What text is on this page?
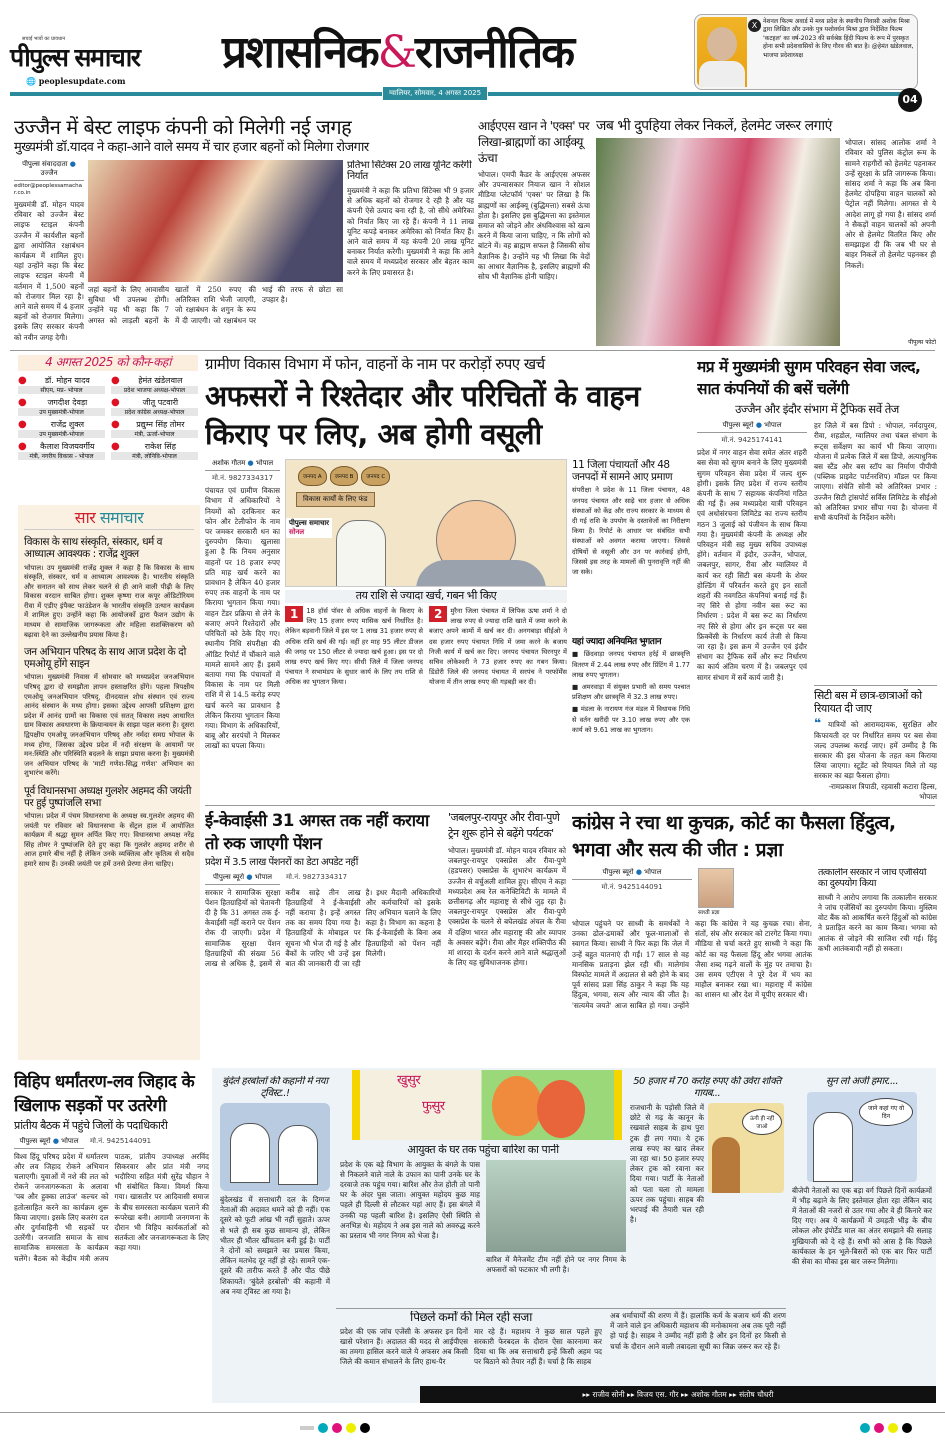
सचाई भावों का प्रावधान
पीपुल्स समाचार
🌐 peoplesupdate.com
प्रशासनिक&राजनीतिक
X नेशनल फिल्म अवार्ड में मध्य प्रदेश के स्थानीय निवासी अशोक मिश्रा द्वारा लिखित और उनके पुत्र यशोवर्धन मिश्रा द्वारा निर्देशित फिल्म 'कटहल' का वर्ष-2023 की सर्वश्रेष्ठ हिंदी फिल्म के रूप में पुरस्कृत होना सभी प्रदेशवासियों के लिए गौरव की बात है। @हेमंत खंडेलवाल, भाजपा प्रदेशाध्यक्ष
ग्वालियर, सोमवार, 4 अगस्त 2025	04
उज्जैन में बेस्ट लाइफ कंपनी को मिलेगी नई जगह
मुख्यमंत्री डॉ.यादव ने कहा-आने वाले समय में चार हजार बहनों को मिलेगा रोजगार
पीपुल्स संवाददाता ● उज्जैन
editor@peoplessamachar.co.in
मुख्यमंत्री डॉ. मोहन यादव रविवार को उज्जैन बेस्ट लाइफ स्टाइल कंपनी उज्जैन में कार्यशील बहनों द्वारा आयोजित रक्षाबंधन कार्यक्रम में शामिल हुए। यहां उन्होंने कहा कि बेस्ट लाइफ स्टाइल कंपनी में वर्तमान में 1,500 बहनों को रोजगार मिल रहा है। आने वाले समय में 4 हजार बहनों को रोजगार मिलेगा। इसके लिए सरकार कंपनी को नवीन जगह देगी।
जहां बहनों के लिए आवासीय सुविधा भी उपलब्ध होगी। उन्होंने यह भी कहा कि 7 अगस्त को लाड़ली बहनों के खातों में 250 रुपए की अतिरिक्त राशि भेजी जाएगी, जो रक्षाबंधन के शगुन के रूप में दी जाएगी। जो रक्षाबंधन पर भाई की तरफ से छोटा सा उपहार है।
प्रतिभा सिंटेक्स 20 लाख यूनिट करेगी निर्यात
मुख्यमंत्री ने कहा कि प्रतिभा सिंटेक्स भी 9 हजार से अधिक बहनों को रोजगार दे रही है और यह कंपनी ऐसे उत्पाद बना रही है, जो सीधे अमेरिका को निर्यात किए जा रहे हैं। कंपनी ने 11 लाख यूनिट कपड़े बनाकर अमेरिका को निर्यात किए हैं। आने वाले समय में यह कंपनी 20 लाख यूनिट बनाकर निर्यात करेगी। मुख्यमंत्री ने कहा कि आने वाले समय में मध्यप्रदेश सरकार और बेहतर काम करने के लिए प्रयासरत है।
आईएएस खान ने 'एक्स' पर लिखा-ब्राह्मणों का आईक्यू ऊंचा
भोपाल। एमपी कैडर के आईएएस अफसर और उपन्यासकार नियाज खान ने सोशल मीडिया प्लेटफॉर्म 'एक्स' पर लिखा है कि ब्राह्मणों का आईक्यू (बुद्धिमत्ता) सबसे ऊंचा होता है। इसलिए इस बुद्धिमत्ता का इस्तेमाल समाज को जोड़ने और अंधविश्वास को खत्म करने में किया जाना चाहिए, न कि लोगों को बांटने में। वह ब्राह्मण सफल है जिसकी सोच वैज्ञानिक है। उन्होंने यह भी लिखा कि वेदों का आधार वैज्ञानिक है, इसलिए ब्राह्मणों की सोच भी वैज्ञानिक होनी चाहिए।
जब भी दुपहिया लेकर निकलें, हेलमेट जरूर लगाएं
भोपाल। सांसद आलोक शर्मा ने रविवार को पुलिस कंट्रोल रूम के सामने राहगीरों को हेलमेट पहनाकर उन्हें सुरक्षा के प्रति जागरूक किया। सांसद शर्मा ने कहा कि अब बिना हेलमेट दोपहिया वाहन चालकों को पेट्रोल नहीं मिलेगा। आगस्त से ये आदेश लागू हो गया है। सांसद शर्मा ने सैकड़ों वाहन चालकों को अपनी ओर से हेलमेट वितरित किए और समझाइश दी कि जब भी घर से बाहर निकलें तो हेलमेट पहनकर ही निकलें।
पीपुल्स फोटो
4 अगस्त 2025 को कौन-कहां
●	डॉ. मोहन यादव
सीएम, मप्र- भोपाल
●	हेमंत खंडेलवाल
प्रदेश भाजपा अध्यक्ष-भोपाल
●	जगदीश देवड़ा
उप मुख्यमंत्री-भोपाल
●	जीतू पटवारी
प्रदेश कांग्रेस अध्यक्ष-भोपाल
●	राजेंद्र शुक्ल
उप मुख्यमंत्री-भोपाल
●	प्रद्युम्न सिंह तोमर
मंत्री, ऊर्जा-भोपाल
●	कैलाश विजयवर्गीय
मंत्री, नगरीय विकास - भोपाल
●	राकेश सिंह
मंत्री, लोनिवि-भोपाल
सार समाचार
विकास के साथ संस्कृति, संस्कार, धर्म व आध्यात्म आवश्यक : राजेंद्र शुक्ल
भोपाल। उप मुख्यमंत्री राजेंद्र शुक्ल ने कहा है कि विकास के साथ संस्कृति, संस्कार, धर्म व आध्यात्म आवश्यक है। भारतीय संस्कृति और सनातन को साथ लेकर चलने से ही आने वाली पीढ़ी के लिए विकास वरदान साबित होगा। शुक्ल कृष्णा राज कपूर ऑडिटोरियम रीवा में एडीए इंपैक्ट फाउंडेशन के भारतीय संस्कृति उत्थान कार्यक्रम में शामिल हुए। उन्होंने कहा कि आयोजकों द्वारा फैशन उद्योग के माध्यम से सामाजिक जागरूकता और महिला सशक्तिकरण को बढ़ावा देने का उल्लेखनीय प्रयास किया है।
जन अभियान परिषद के साथ आज प्रदेश के दो एमओयू होंगे साइन
भोपाल। मुख्यमंत्री निवास में सोमवार को मध्यप्रदेश जनअभियान परिषद् द्वारा दो समझौता ज्ञापन हस्ताक्षरित होंगे। पहला त्रिपक्षीय एमओयू जनअभियान परिषद्, दीनदयाल शोध संस्थान एवं राज्य आनंद संस्थान के मध्य होगा। इसका उद्देश्य आपसी प्रशिक्षण द्वारा प्रदेश में आनंद ग्रामों का विकास एवं सतत् विकास लक्ष्य आधारित ग्राम विकास अवधारणा के क्रियान्वयन के साझा पहल करना है। दूसरा द्विपक्षीय एमओयू जनअभियान परिषद् और नर्मदा समग्र भोपाल के मध्य होगा, जिसका उद्देश्य प्रदेश में नदी संरक्षण के आयामों पर मन:स्थिति और परिस्थिति बदलने के साझा प्रयास करना है। मुख्यमंत्री जन अभियान परिषद के 'माटी गणेश-सिद्ध गणेश' अभियान का शुभारंभ करेंगे।
पूर्व विधानसभा अध्यक्ष गुलशेर अहमद की जयंती पर हुई पुष्पांजलि सभा
भोपाल। प्रदेश में पंचम विधानसभा के अध्यक्ष स्व.गुलशेर अहमद की जयंती पर रविवार को विधानसभा के सेंट्रल हाल में आयोजित कार्यक्रम में श्रद्धा सुमन अर्पित किए गए। विधानसभा अध्यक्ष नरेंद्र सिंह तोमर ने पुष्पांजलि देते हुए कहा कि गुलशेर अहमद शरीर से आज हमारे बीच नहीं है लेकिन उनके व्यक्तित्व और कृतित्व से सदैव हमारे साथ हैं। उनकी जयंती पर हमें उनसे प्रेरणा लेना चाहिए।
ग्रामीण विकास विभाग में फोन, वाहनों के नाम पर करोड़ों रुपए खर्च
अफसरों ने रिश्तेदार और परिचितों के वाहन किराए पर लिए, अब होगी वसूली
अशोक गौतम ● भोपाल
मो.नं. 9827334317
पंचायत एवं ग्रामीण विकास विभाग में अधिकारियों ने नियमों को दरकिनार कर फोन और टेलीफोन के नाम पर जमकर सरकारी धन का दुरुपयोग किया। खुलासा हुआ है कि नियम अनुसार वाहनों पर 18 हजार रुपए प्रति माह खर्च करने का प्रावधान है लेकिन 40 हजार रुपए तक वाहनों के नाम पर किराया भुगतान किया गया। वाहन टेंडर प्रक्रिया से लेने के बजाए अपने रिश्तेदारों और परिचितों को ठेके दिए गए। स्थानीय निधि संपरीक्षा की ऑडिट रिपोर्ट में चौंकाने वाले मामले सामने आए हैं। इसमें बताया गया कि पंचायतों में विकास के नाम पर मिली राशि में से 14.5 करोड़ रुपए खर्च करने का प्रावधान है लेकिन किराया भुगतान किया गया। विभाग के अधिकारियों, बाबू और सरपंचों ने मिलकर लाखों का घपला किया।
जनपद A	जनपद B	जनपद C
विकास कार्यों के लिए फंड
पीपुल्स समाचार
सोनल
तय राशि से ज्यादा खर्च, गबन भी किए
1	18 हॉर्स पॉवर से अधिक वाहनों के किराए के लिए 15 हजार रुपए मासिक खर्च निर्धारित है। लेकिन बड़वानी जिले में इस पर 1 लाख 31 हजार रुपए से अधिक राशि खर्च की गई। वहीं हर माह 95 लीटर डीजल की जगह पर 150 लीटर से ज्यादा खर्च हुआ। इस पर दो लाख रुपए खर्च किए गए। सीधी जिले में जिला जनपद पंचायत ने सभामंडप के सुधार कार्य के लिए तय राशि से अधिक का भुगतान किया।
2	मुरैना जिला पंचायत में लिपिक ऊषा शर्मा ने दो लाख रुपए से ज्यादा राशि खाते में जमा करने के बजाए अपने कामों में खर्च कर दी। अनगबाड़ा सीईओ ने दस हजार रुपए पंचायत निधि में जमा करने के बजाय निजी कार्य में खर्च कर दिए। जनपद पंचायत थिरनपुर में सचिव लोकेश्वरी ने 73 हजार रुपए का गबन किया। डिंडोरी जिले की जनपद पंचायत में सरपंच ने परफॉर्मेंस योजना में तीन लाख रुपए की गड़बड़ी कर दी।
11 जिला पंचायतों और 48 जनपदों में सामने आए प्रमाण
संपरीक्षा ने प्रदेश के 11 जिला पंचायत, 48 जनपद पंचायत और साढ़े चार हजार से अधिक संस्थाओं को केंद्र और राज्य सरकार के माध्यम से दी गई राशि के उपयोग के दस्तावेजों का निरीक्षण किया है। रिपोर्ट के आधार पर संबंधित सभी संस्थाओं को अवगत कराया जाएगा। जिससे दोषियों से वसूली और उन पर कार्रवाई होगी, जिससे इस तरह के मामलों की पुनरावृत्ति नहीं की जा सके।
यहां ज्यादा अनियमित भुगतान
■ छिंदवाड़ा जनपद पंचायत हर्रई में छात्रवृत्ति वितरण में 2.44 लाख रुपए और प्रिंटिंग में 1.77 लाख रुपए भुगतान।
■ अमरवाड़ा में संयुक्त प्रभारी को समय पश्चात प्रशिक्षण और छात्रवृत्ति में 32.3 लाख रुपए।
■ मंडला के नारायण गंज मंडल में विधायक निधि से वर्तन खरीदी पर 3.10 लाख रुपए और एक कार्य को 9.61 लाख का भुगतान।
मप्र में मुख्यमंत्री सुगम परिवहन सेवा जल्द, सात कंपनियों की बसें चलेंगी
उज्जैन और इंदौर संभाग में ट्रैफिक सर्वे तेज
पीपुल्स ब्यूरो ● भोपाल
मो.नं. 9425174141
प्रदेश में नगर वाहन सेवा समेत अंतर शहरी बस सेवा को सुगम बनाने के लिए मुख्यमंत्री सुगम परिवहन सेवा प्रदेश में जल्द शुरू होगी। इसके लिए प्रदेश में राज्य स्तरीय कंपनी के साथ 7 सहायक कंपनियां गठित की गई हैं। अब मध्यप्रदेश यात्री परिवहन एवं अधोसंरचना लिमिटेड का राज्य स्तरीय गठन 3 जुलाई को पंजीयन के साथ किया गया है। मुख्यमंत्री कंपनी के अध्यक्ष और परिवहन मंत्री सह मुख्य सचिव उपाध्यक्ष होंगे। वर्तमान में इंदौर, उज्जैन, भोपाल, जबलपुर, सागर, रीवा और ग्वालियर में कार्य कर रही सिटी बस कंपनी के शेयर होल्डिंग में परिवर्तन करते हुए इन सातों शहरों की नवगठित कंपनियां बनाई गई हैं। नए सिरे से होगा नवीन बस रूट का निर्धारण : प्रदेश में बस रूट का निर्धारण नए सिरे से होगा और इन रूट्स पर बस फ्रिक्वेंसी के निर्धारण कार्य तेजी से किया जा रहा है। इस क्रम में उज्जैन एवं इंदौर संभाग का ट्रैफिक सर्वे और रूट निर्धारण का कार्य अंतिम चरण में है। जबलपुर एवं सागर संभाग में सर्वे कार्य जारी है।
हर जिले में बस डिपो : भोपाल, नर्मदापुरम, रीवा, शहडोल, ग्वालियर तथा चंबल संभाग के रूट्स सर्वेक्षण का कार्य भी किया जाएगा। योजना में प्रत्येक जिले में बस डिपो, अत्याधुनिक बस स्टैंड और बस स्टॉप का निर्माण पीपीपी (पब्लिक प्राइवेट पार्टनरशिप) मॉडल पर किया जाएगा। संचेति सोनी को अतिरिक्त प्रभार : उज्जैन सिटी ट्रांसपोर्ट सर्विस लिमिटेड के सीईओ को अतिरिक्त प्रभार सौंपा गया है। योजना में सभी कंपनियों के निर्देशन करेंगे।
सिटी बस में छात्र-छात्राओं को रियायत दी जाए
❝ यात्रियों को आरामदायक, सुरक्षित और किफायती दर पर निर्धारित समय पर बस सेवा जल्द उपलब्ध कराई जाए। हमें उम्मीद है कि सरकार की इस योजना के तहत कम किराया लिया जाएगा। स्टूडेंट को रियायत मिले तो यह सरकार का बड़ा फैसला होगा।
-रामप्रकाश त्रिपाठी, रहवासी कटारा हिल्स, भोपाल
ई-केवाईसी 31 अगस्त तक नहीं कराया तो रुक जाएगी पेंशन
प्रदेश में 3.5 लाख पेंशनरों का डेटा अपडेट नहीं
पीपुल्स ब्यूरो ● भोपाल	मो.नं. 9827334317
सरकार ने सामाजिक सुरक्षा पेंशन हितग्राहियों को चेतावनी दी है कि 31 अगस्त तक ई-केवाईसी नहीं कराने पर पेंशन रोक दी जाएगी। प्रदेश में सामाजिक सुरक्षा पेंशन हितग्राहियों की संख्या 56 लाख से अधिक है, इसमें से करीब साढ़े तीन लाख हितग्राहियों ने ई-केवाईसी नहीं कराया है। इन्हें अगस्त तक का समय दिया गया है। हितग्राहियों के मोबाइल पर सूचना भी भेज दी गई है और बैंकों के जरिए भी उन्हें इस बात की जानकारी दी जा रही है। इधर मैदानी अधिकारियों और कर्मचारियों को इसके लिए अभियान चलाने के लिए कहा है। विभाग का कहना है कि ई-केवाईसी के बिना अब हितग्राहियों को पेंशन नहीं मिलेगी।
'जबलपुर-रायपुर और रीवा-पुणे ट्रेन शुरू होने से बढ़ेंगे पर्यटक'
भोपाल। मुख्यमंत्री डॉ. मोहन यादव रविवार को जबलपुर-रायपुर एक्सप्रेस और रीवा-पुणे (हडपसर) एक्सप्रेस के शुभारंभ कार्यक्रम में उज्जैन से वर्चुअली शामिल हुए। सीएम ने कहा मध्यप्रदेश अब रेल कनेक्टिविटी के मामले में छत्तीसगढ़ और महाराष्ट्र से सीधे जुड़ रहा है। जबलपुर-रायपुर एक्सप्रेस और रीवा-पुणे एक्सप्रेस के चलने से बघेलखंड अंचल के रीवा में दक्षिण भारत और महाराष्ट्र की ओर व्यापार के अवसर बढ़ेंगे। रीवा और मैहर शक्तिपीठ की मां शारदा के दर्शन करने आने वाले श्रद्धालुओं के लिए यह सुविधाजनक होगा।
कांग्रेस ने रचा था कुचक्र, कोर्ट का फैसला हिंदुत्व, भगवा और सत्य की जीत : प्रज्ञा
पीपुल्स ब्यूरो ● भोपाल
मो.नं. 9425144091
साध्वी प्रज्ञा
भोपाल पहुंचने पर साध्वी के समर्थकों ने उनका ढोल-ढमाकों और फूल-मालाओं से स्वागत किया। साध्वी ने फिर कहा कि जेल में उन्हें बहुत यातनाएं दी गईं। 17 साल से वह मानसिक प्रताड़ना झेल रही थीं। मालेगांव विस्फोट मामले में अदालत से बरी होने के बाद पूर्व सांसद प्रज्ञा सिंह ठाकुर ने कहा कि यह हिंदुत्व, भगवा, सत्य और न्याय की जीत है। 'सत्यमेव जयते' आज साबित हो गया। उन्होंने कहा कि कांग्रेस ने यह कुचक्र रचा। सेना, संतों, संघ और सरकार को टारगेट किया गया। मीडिया से चर्चा करते हुए साध्वी ने कहा कि कोर्ट का यह फैसला हिंदू और भगवा आतंक जैसा शब्द गढ़ने वालों के मुंह पर तमाचा है। उस समय एटीएस ने पूरे देश में भय का माहौल बनाकर रखा था। महाराष्ट्र में कांग्रेस का शासन था और देश में यूपीए सरकार थी।
तत्कालीन सरकार ने जांच एजेंसियों का दुरुपयोग किया
साध्वी ने आरोप लगाया कि तत्कालीन सरकार ने जांच एजेंसियों का दुरुपयोग किया। मुस्लिम वोट बैंक को आकर्षित करने हिंदुओं को कांग्रेस ने प्रताड़ित करने का काम किया। भगवा को आतंक से जोड़ने की साजिश रची गई। हिंदू कभी आतंकवादी नहीं हो सकता।
विहिप धर्मांतरण-लव जिहाद के खिलाफ सड़कों पर उतरेगी
प्रांतीय बैठक में पहुंचे जिलों के पदाधिकारी
पीपुल्स ब्यूरो ● भोपाल	मो.नं. 9425144091
विश्व हिंदू परिषद प्रदेश में धर्मांतरण और लव जिहाद रोकने अभियान चलाएगी। युवाओं में नशे की लत को रोकने जनजागरूकता के अलावा 'पब और हुक्का लाउंज' कल्चर को हतोत्साहित करने का कार्यक्रम शुरू किया जाएगा। इसके लिए बजरंग दल और दुर्गावाहिनी भी सड़कों पर उतरेंगी। जनजाति समाज के साथ सामाजिक समरसता के कार्यक्रम चलेंगे। बैठक को केंद्रीय मंत्री अजय पाठक, प्रांतीय उपाध्यक्ष अरविंद सिकरवार और प्रांत मंत्री नगद भदौरिया सहित मंत्री सुरेंद्र चौहान ने भी संबोधित किया। विमर्श किया गया। खासतौर पर आदिवासी समाज के बीच समरसता कार्यक्रम चलाने की रूपरेखा बनी। आगामी जनगणना के दौरान भी विहिप कार्यकर्ताओं को सतर्कता और जनजागरूकता के लिए कहा गया।
बुंदेले हरबोलों की कहानी में नया ट्विस्ट..!
बुंदेलखंड में सत्ताधारी दल के दिग्गज नेताओं की अदावत थमने को ही नहीं। एक दूसरे को फूटी आंख भी नहीं सुहाते। ऊपर से भले ही सब कुछ सामान्य हो, लेकिन भीतर ही भीतर खींचतान बनी हुई है। पार्टी ने दोनों को समझाने का प्रयास किया, लेकिन मतभेद दूर नहीं हो रहे। सामने एक-दूसरे की तारीफ करते हैं और पीठ पीछे शिकायतें। 'बुंदेले हरबोलों' की कहानी में अब नया ट्विस्ट आ गया है।
खुसुर
फुसुर
आयुक्त के घर तक पहुंचा बारिश का पानी
प्रदेश के एक बड़े विभाग के आयुक्त के बंगले के पास से निकलने वाले नाले के उफान का पानी उनके घर के दरवाजे तक पहुंच गया। बारिश और तेज होती तो पानी घर के अंदर घुस जाता। आयुक्त महोदय कुछ माह पहले ही दिल्ली से लौटकर यहां आए हैं। इस बंगले में उनकी यह पहली बारिश है। इसलिए ऐसी स्थिति से अनभिज्ञ थे। महोदय ने अब इस नाले को अवरुद्ध करने का प्रस्ताव भी नगर निगम को भेजा है।
बारिश में मैनेजमेंट टीम नहीं होने पर नगर निगम के अफसरों को फटकार भी लगी है।
50 हजार में 70 करोड़ रुपए की उर्वरा शक्ति गायब...
राजधानी के पड़ोसी जिले में छोटे से गढ़ के कानून के रखवाले साहब के हाथ पुरा ट्रक ही लग गया। ये ट्रक लाख रुपए का खाद लेकर जा रहा था। 50 हजार रुपए लेकर ट्रक को रवाना कर दिया गया। पार्टी के नेताओं को पता चला तो मामला ऊपर तक पहुंचा। साहब की भरपाई की तैयारी चल रही है।
ऊंगी ही नहीं जाओ
सुन लो अर्जी हमार....
जाने कहां गए वो दिन
बीजेपी नेताओं का एक बड़ा वर्ग पिछले दिनों कार्यक्रमों में भीड़ बढ़ाने के लिए इस्तेमाल होता रहा लेकिन बाद में नेताओं की नजरों से उतर गया और वे ही किनारे कर दिए गए। अब ये कार्यक्रमों में उमड़ती भीड़ के बीच लोकल और इंपोर्टेड माल का अंतर समझाने की सलाह मुखियाजी को दे रहे हैं। सभी को आस है कि पिछले कार्यकाल के इन भूले-बिसरों को एक बार फिर पार्टी की सेवा का मौका इस बार जरूर मिलेगा।
पिछले कर्मों की मिल रही सजा
प्रदेश की एक जांच एजेंसी के अफसर इन दिनों खासे परेशान हैं। अदालत की मदद से आईपीएस का तमगा हासिल करने वाले ये अफसर अब किसी जिले की कमान संभालने के लिए हाथ-पैर
मार रहे हैं। महाशय ने कुछ साल पहले हुए सरकारी फेरबदल के दौरान ऐसा कारनामा कर दिया था कि अब सत्ताधारी इन्हें किसी अहम पद पर बिठाने को तैयार नहीं हैं। चर्चा है कि साहब
अब धर्माचार्यों की शरण में हैं। हालांकि कर्म के बजाय धर्म की शरण में जाने वाले इन अधिकारी महाशय की मनोकामना अब तक पूरी नहीं हो पाई है। साहब ने उम्मीद नहीं हारी है और इन दिनों हर किसी से चर्चा के दौरान आने वाली तबादला सूची का जिक्र जरूर कर रहे हैं।
▸▸ राजीव सोनी ▸▸ विजय एस. गौर ▸▸ अशोक गौतम ▸▸ संतोष चौधरी
